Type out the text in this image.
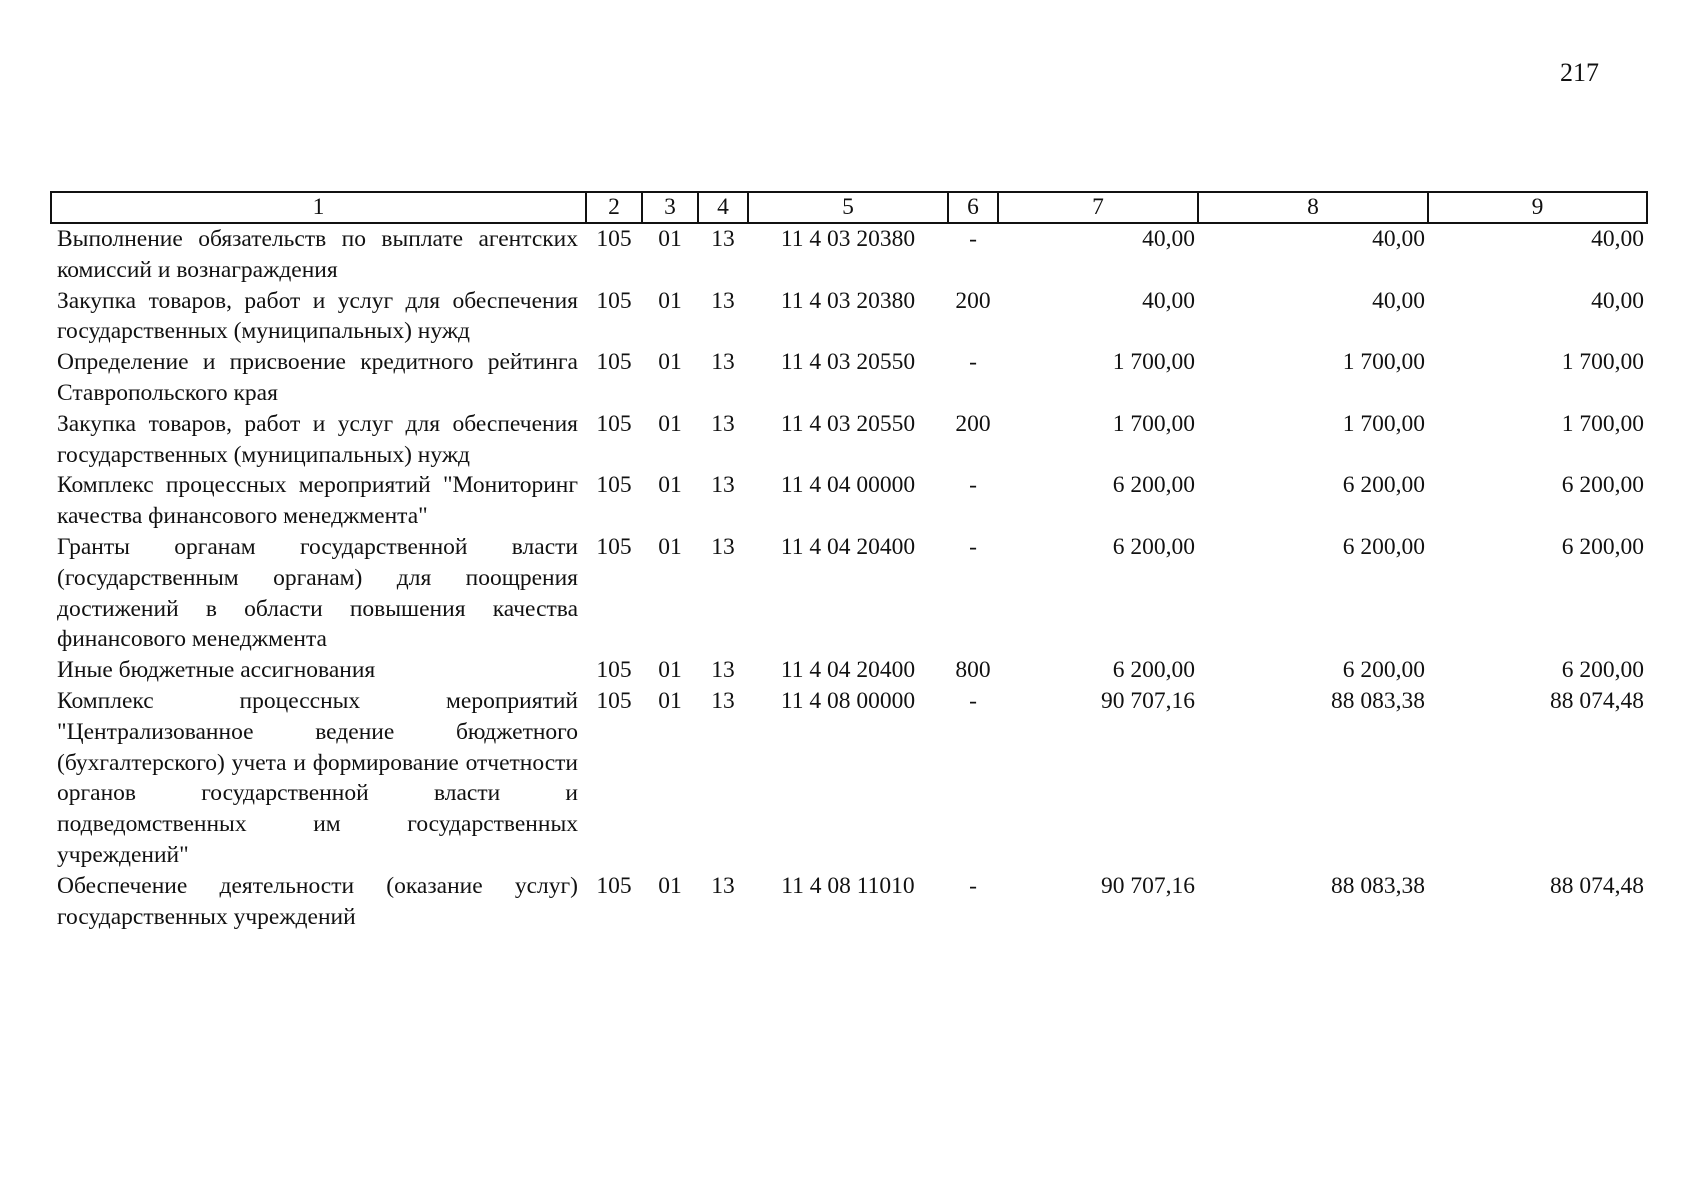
217
1	2	3	4	5	6	7	8	9
Выполнение обязательств по выплате агентских комиссий и вознаграждения	105	01	13	11 4 03 20380	-	40,00	40,00	40,00
Закупка товаров, работ и услуг для обеспечения государственных (муниципальных) нужд	105	01	13	11 4 03 20380	200	40,00	40,00	40,00
Определение и присвоение кредитного рейтинга Ставропольского края	105	01	13	11 4 03 20550	-	1 700,00	1 700,00	1 700,00
Закупка товаров, работ и услуг для обеспечения государственных (муниципальных) нужд	105	01	13	11 4 03 20550	200	1 700,00	1 700,00	1 700,00
Комплекс процессных мероприятий "Мониторинг качества финансового менеджмента"	105	01	13	11 4 04 00000	-	6 200,00	6 200,00	6 200,00
Гранты органам государственной власти (государственным органам) для поощрения достижений в области повышения качества финансового менеджмента	105	01	13	11 4 04 20400	-	6 200,00	6 200,00	6 200,00
Иные бюджетные ассигнования	105	01	13	11 4 04 20400	800	6 200,00	6 200,00	6 200,00
Комплекс процессных мероприятий "Централизованное ведение бюджетного (бухгалтерского) учета и формирование отчетности органов государственной власти и подведомственных им государственных учреждений"	105	01	13	11 4 08 00000	-	90 707,16	88 083,38	88 074,48
Обеспечение деятельности (оказание услуг) государственных учреждений	105	01	13	11 4 08 11010	-	90 707,16	88 083,38	88 074,48
